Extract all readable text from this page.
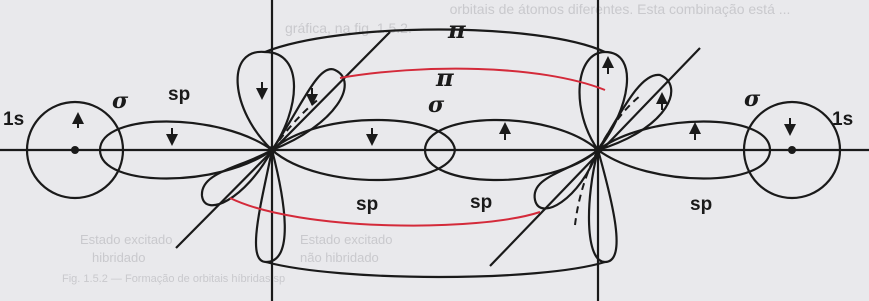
orbitais de átomos diferentes. Esta combinação está ...
gráfica, na fig. 1.5.2.
Estado excitado
hibridado
Estado excitado
não hibridado
Fig. 1.5.2 — Formação de orbitais híbridas sp
1s	1s
σ	σ	σ
π
π
sp
sp	sp	sp
